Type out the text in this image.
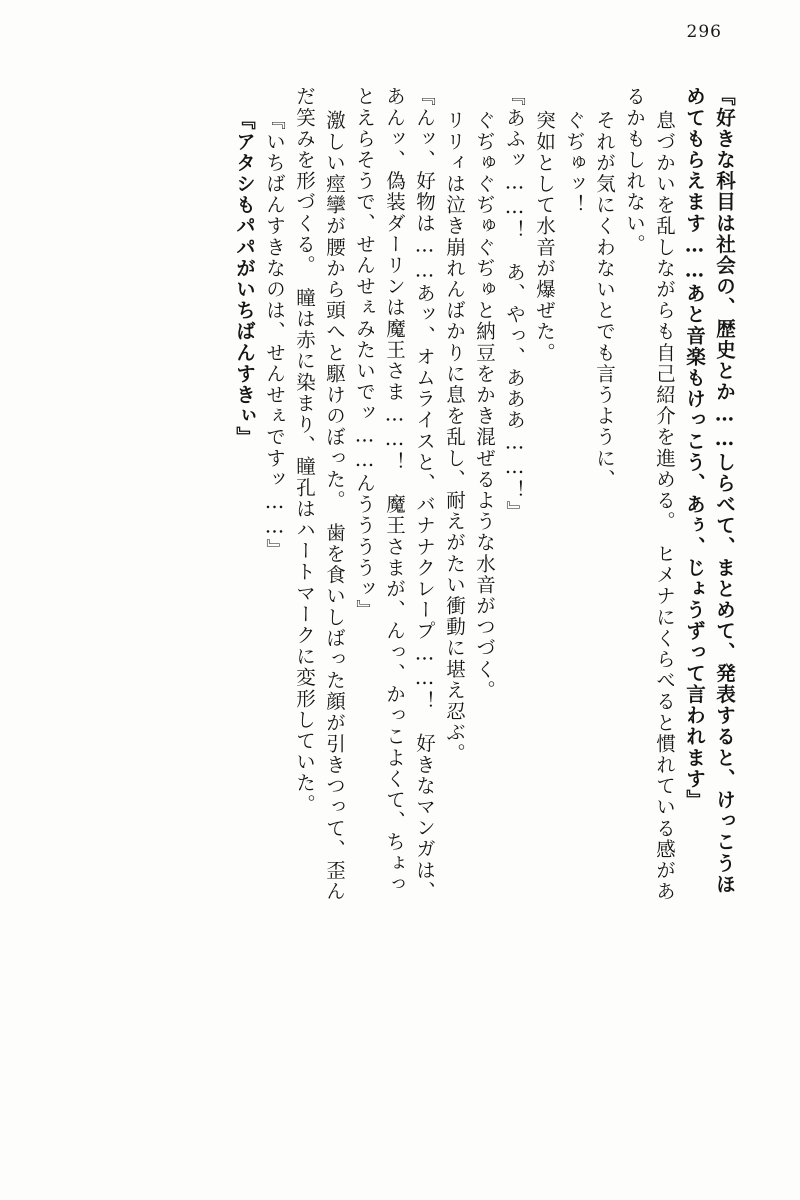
296
『好きな科目は社会の、歴史とか……しらべて、まとめて、発表すると、けっこうほ
めてもらえます……あと音楽もけっこう、あぅ、じょうずって言われます』
息づかいを乱しながらも自己紹介を進める。　ヒメナにくらべると慣れている感があ
るかもしれない。
それが気にくわないとでも言うように、
ぐぢゅッ！
突如として水音が爆ぜた。
『あふッ……！　あ、やっ、あああ……！』
ぐぢゅぐぢゅぐぢゅと納豆をかき混ぜるような水音がつづく。
リリィは泣き崩れんばかりに息を乱し、耐えがたい衝動に堪え忍ぶ。
『んッ、好物は……あッ、オムライスと、バナナクレープ……！　好きなマンガは、
あんッ、偽装ダーリンは魔王さま……！　魔王さまが、んっ、かっこよくて、ちょっ
とえらそうで、せんせぇみたいでッ……んううううッ』
激しい痙攣が腰から頭へと駆けのぼった。　歯を食いしばった顔が引きつって、歪ん
だ笑みを形づくる。　瞳は赤に染まり、瞳孔はハートマークに変形していた。
『いちばんすきなのは、せんせぇですッ……』
『アタシもパパがいちばんすきぃ』
